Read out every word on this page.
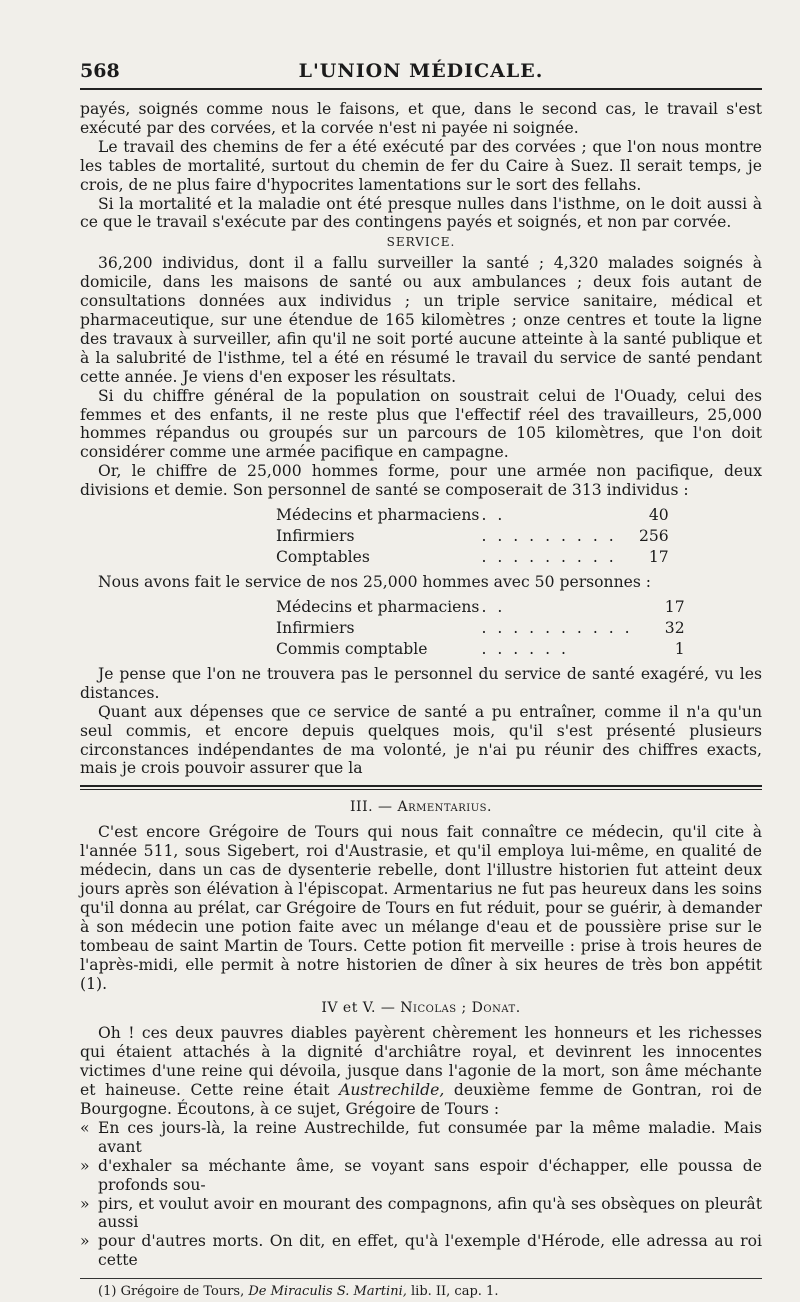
568	L'UNION MÉDICALE.

payés, soignés comme nous le faisons, et que, dans le second cas, le travail s'est exécuté par des corvées, et la corvée n'est ni payée ni soignée.

Le travail des chemins de fer a été exécuté par des corvées ; que l'on nous montre les tables de mortalité, surtout du chemin de fer du Caire à Suez. Il serait temps, je crois, de ne plus faire d'hypocrites lamentations sur le sort des fellahs.

Si la mortalité et la maladie ont été presque nulles dans l'isthme, on le doit aussi à ce que le travail s'exécute par des contingens payés et soignés, et non par corvée.

SERVICE.

36,200 individus, dont il a fallu surveiller la santé ; 4,320 malades soignés à domicile, dans les maisons de santé ou aux ambulances ; deux fois autant de consultations données aux individus ; un triple service sanitaire, médical et pharmaceutique, sur une étendue de 165 kilomètres ; onze centres et toute la ligne des travaux à surveiller, afin qu'il ne soit porté aucune atteinte à la santé publique et à la salubrité de l'isthme, tel a été en résumé le travail du service de santé pendant cette année. Je viens d'en exposer les résultats.

Si du chiffre général de la population on soustrait celui de l'Ouady, celui des femmes et des enfants, il ne reste plus que l'effectif réel des travailleurs, 25,000 hommes répandus ou groupés sur un parcours de 105 kilomètres, que l'on doit considérer comme une armée pacifique en campagne.

Or, le chiffre de 25,000 hommes forme, pour une armée non pacifique, deux divisions et demie. Son personnel de santé se composerait de 313 individus :

Médecins et pharmaciens	. .	40
Infirmiers	. . . . . . . . .	256
Comptables	. . . . . . . . .	17

Nous avons fait le service de nos 25,000 hommes avec 50 personnes :

Médecins et pharmaciens	. .	17
Infirmiers	. . . . . . . . . .	32
Commis comptable	. . . . . .	1

Je pense que l'on ne trouvera pas le personnel du service de santé exagéré, vu les distances.

Quant aux dépenses que ce service de santé a pu entraîner, comme il n'a qu'un seul commis, et encore depuis quelques mois, qu'il s'est présenté plusieurs circonstances indépendantes de ma volonté, je n'ai pu réunir des chiffres exacts, mais je crois pouvoir assurer que la

III. — Armentarius.

C'est encore Grégoire de Tours qui nous fait connaître ce médecin, qu'il cite à l'année 511, sous Sigebert, roi d'Austrasie, et qu'il employa lui-même, en qualité de médecin, dans un cas de dysenterie rebelle, dont l'illustre historien fut atteint deux jours après son élévation à l'épiscopat. Armentarius ne fut pas heureux dans les soins qu'il donna au prélat, car Grégoire de Tours en fut réduit, pour se guérir, à demander à son médecin une potion faite avec un mélange d'eau et de poussière prise sur le tombeau de saint Martin de Tours. Cette potion fit merveille : prise à trois heures de l'après-midi, elle permit à notre historien de dîner à six heures de très bon appétit (1).

IV et V. — Nicolas ; Donat.

Oh ! ces deux pauvres diables payèrent chèrement les honneurs et les richesses qui étaient attachés à la dignité d'archiâtre royal, et devinrent les innocentes victimes d'une reine qui dévoila, jusque dans l'agonie de la mort, son âme méchante et haineuse. Cette reine était Austrechilde, deuxième femme de Gontran, roi de Bourgogne. Écoutons, à ce sujet, Grégoire de Tours :

« En ces jours-là, la reine Austrechilde, fut consumée par la même maladie. Mais avant

» d'exhaler sa méchante âme, se voyant sans espoir d'échapper, elle poussa de profonds sou-

» pirs, et voulut avoir en mourant des compagnons, afin qu'à ses obsèques on pleurât aussi

» pour d'autres morts. On dit, en effet, qu'à l'exemple d'Hérode, elle adressa au roi cette

(1) Grégoire de Tours, De Miraculis S. Martini, lib. II, cap. 1.
